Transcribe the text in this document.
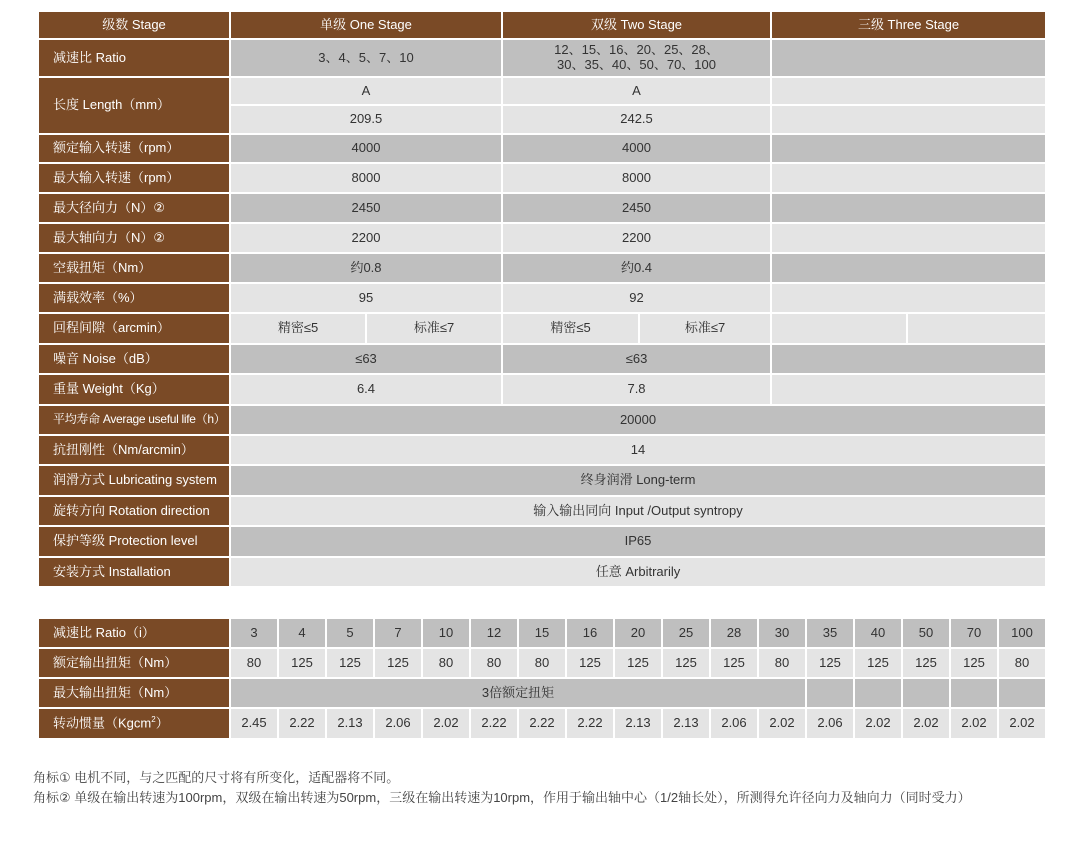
级数 Stage	单级 One Stage		双级 Two Stage		三级 Three Stage	
减速比 Ratio	3、4、5、7、10		12、15、16、20、25、28、
30、35、40、50、70、100			
长度 Length（mm）	A		A			
	209.5		242.5			
额定输入转速（rpm）	4000		4000			
最大输入转速（rpm）	8000		8000			
最大径向力（N）②	2450		2450			
最大轴向力（N）②	2200		2200			
空载扭矩（Nm）	约0.8		约0.4			
满载效率（%）	95		92			
回程间隙（arcmin）	精密≤5	标准≤7	精密≤5	标准≤7		
噪音 Noise（dB）	≤63		≤63			
重量 Weight（Kg）	6.4		7.8			
平均寿命 Average useful life（h）	20000					
抗扭刚性（Nm/arcmin）	14					
润滑方式 Lubricating system	终身润滑 Long-term					
旋转方向 Rotation direction	输入输出同向 Input /Output syntropy					
保护等级 Protection level	IP65					
安装方式 Installation	任意 Arbitrarily					
减速比 Ratio（i）	3	4	5	7	10	12	15	16	20	25	28	30	35	40	50	70	100
额定输出扭矩（Nm）	80	125	125	125	80	80	80	125	125	125	125	80	125	125	125	125	80
最大输出扭矩（Nm）	3倍额定扭矩																
转动惯量（Kgcm$^2$）	2.45	2.22	2.13	2.06	2.02	2.22	2.22	2.22	2.13	2.13	2.06	2.02	2.06	2.02	2.02	2.02	2.02
角标① 电机不同，与之匹配的尺寸将有所变化，适配器将不同。
角标② 单级在输出转速为100rpm，双级在输出转速为50rpm，三级在输出转速为10rpm，作用于输出轴中心（1/2轴长处），所测得允许径向力及轴向力（同时受力）
